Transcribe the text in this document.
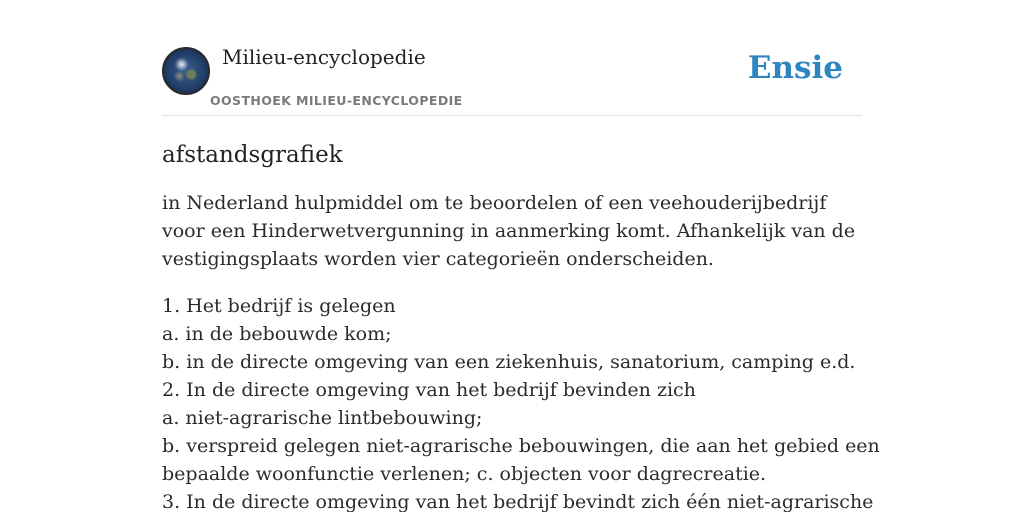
Milieu-encyclopedie
OOSTHOEK MILIEU-ENCYCLOPEDIE
Ensie
afstandsgrafiek

in Nederland hulpmiddel om te beoordelen of een veehouderijbedrijf voor een Hinderwetvergunning in aanmerking komt. Afhankelijk van de vestigingsplaats worden vier categorieën onderscheiden.

1. Het bedrijf is gelegen
a. in de bebouwde kom;
b. in de directe omgeving van een ziekenhuis, sanatorium, camping e.d.
2. In de directe omgeving van het bedrijf bevinden zich
a. niet-agrarische lintbebouwing;
b. verspreid gelegen niet-agrarische bebouwingen, die aan het gebied een
bepaalde woonfunctie verlenen; c. objecten voor dagrecreatie.
3. In de directe omgeving van het bedrijf bevindt zich één niet-agrarische
